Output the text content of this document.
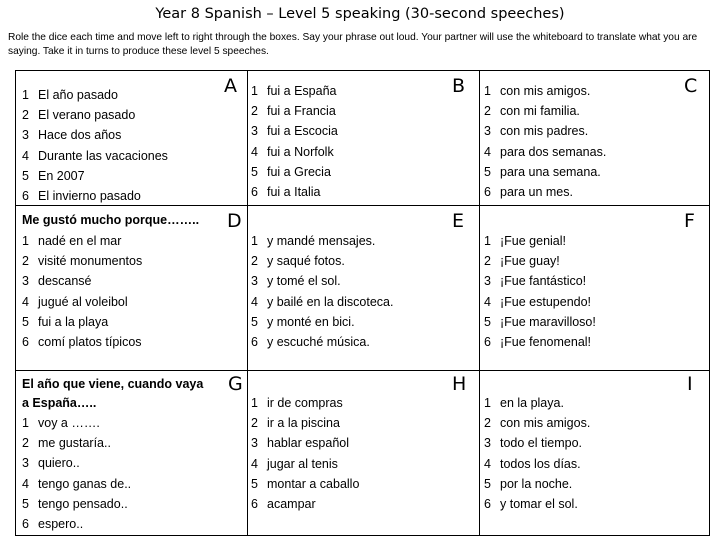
Year 8 Spanish – Level 5 speaking (30-second speeches)
Role the dice each time and move left to right through the boxes. Say your phrase out loud. Your partner will use the whiteboard to translate what you are saying. Take it in turns to produce these level 5 speeches.
A
1 El año pasado
2 El verano pasado
3 Hace dos años
4 Durante las vacaciones
5 En 2007
6 El invierno pasado
B
1 fui a España
2 fui a Francia
3 fui a Escocia
4 fui a Norfolk
5 fui a Grecia
6 fui a Italia
C
1 con mis amigos.
2 con mi familia.
3 con mis padres.
4 para dos semanas.
5 para una semana.
6 para un mes.
Me gustó mucho porque…….. D
1 nadé en el mar
2 visité monumentos
3 descansé
4 jugué al voleibol
5 fui a la playa
6 comí platos típicos
E
1 y mandé mensajes.
2 y saqué fotos.
3 y tomé el sol.
4 y bailé en la discoteca.
5 y monté en bici.
6 y escuché música.
F
1 ¡Fue genial!
2 ¡Fue guay!
3 ¡Fue fantástico!
4 ¡Fue estupendo!
5 ¡Fue maravilloso!
6 ¡Fue fenomenal!
El año que viene, cuando vaya
a España…..
G
1 voy a …….
2 me gustaría..
3 quiero..
4 tengo ganas de..
5 tengo pensado..
6 espero..
H
1 ir de compras
2 ir a la piscina
3 hablar español
4 jugar al tenis
5 montar a caballo
6 acampar
I
1 en la playa.
2 con mis amigos.
3 todo el tiempo.
4 todos los días.
5 por la noche.
6 y tomar el sol.
